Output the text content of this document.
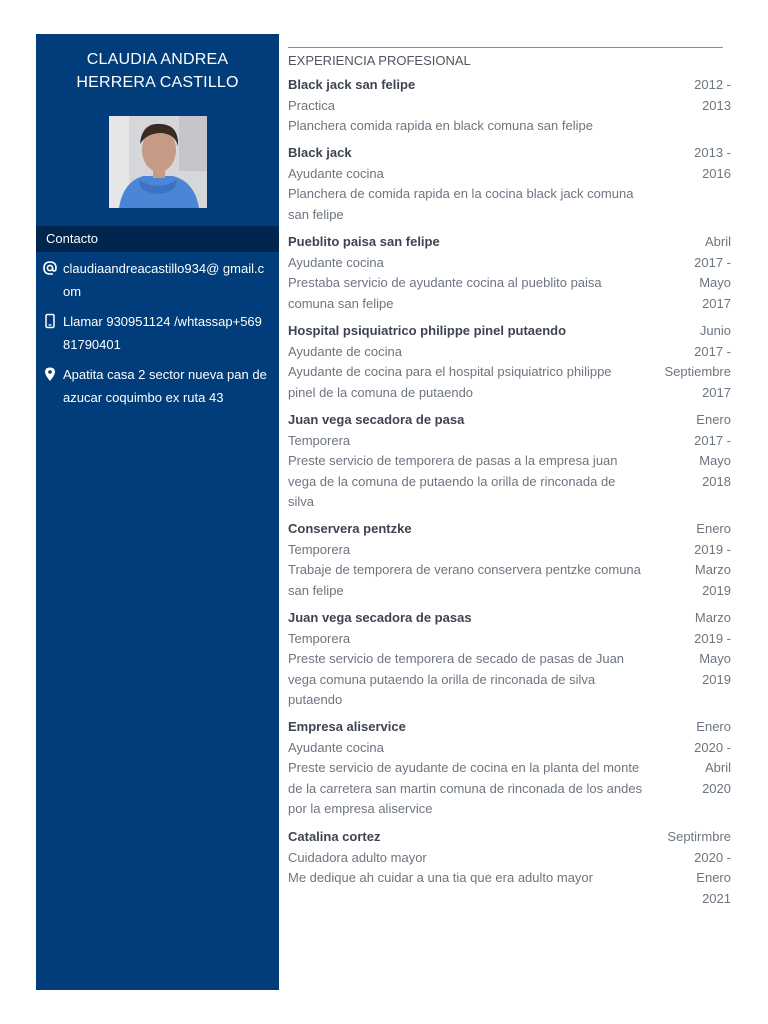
CLAUDIA ANDREA
HERRERA CASTILLO
Contacto
claudiaandreacastillo934@ gmail.c
om
Llamar 930951124 /whtassap+569
81790401
Apatita casa 2 sector nueva pan de
azucar coquimbo ex ruta 43
EXPERIENCIA PROFESIONAL
Black jack san felipe
Practica
Planchera comida rapida en black comuna san felipe
2012 -
2013
Black jack
Ayudante cocina
Planchera de comida rapida en la cocina black jack comuna
san felipe
2013 -
2016
Pueblito paisa san felipe
Ayudante cocina
Prestaba servicio de ayudante cocina al pueblito paisa
comuna san felipe
Abril
2017 -
Mayo
2017
Hospital psiquiatrico philippe pinel putaendo
Ayudante de cocina
Ayudante de cocina para el hospital psiquiatrico philippe
pinel de la comuna de putaendo
Junio
2017 -
Septiembre
2017
Juan vega secadora de pasa
Temporera
Preste servicio de temporera de pasas a la empresa juan
vega de la comuna de putaendo la orilla de rinconada de
silva
Enero
2017 -
Mayo
2018
Conservera pentzke
Temporera
Trabaje de temporera de verano conservera pentzke comuna
san felipe
Enero
2019 -
Marzo
2019
Juan vega secadora de pasas
Temporera
Preste servicio de temporera de secado de pasas de Juan
vega comuna putaendo la orilla de rinconada de silva
putaendo
Marzo
2019 -
Mayo
2019
Empresa aliservice
Ayudante cocina
Preste servicio de ayudante de cocina en la planta del monte
de la carretera san martin comuna de rinconada de los andes
por la empresa aliservice
Enero
2020 -
Abril
2020
Catalina cortez
Cuidadora adulto mayor
Me dedique ah cuidar a una tia que era adulto mayor
Septirmbre
2020 -
Enero
2021
